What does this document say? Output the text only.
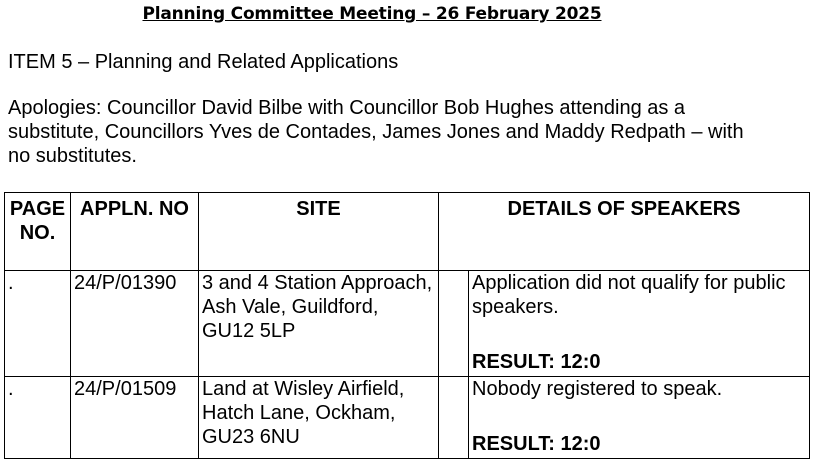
Planning Committee Meeting – 26 February 2025
ITEM 5 – Planning and Related Applications
Apologies: Councillor David Bilbe with Councillor Bob Hughes attending as a substitute, Councillors Yves de Contades, James Jones and Maddy Redpath – with no substitutes.
PAGE NO.	APPLN. NO	SITE	DETAILS OF SPEAKERS	
.	24/P/01390	3 and 4 Station Approach, Ash Vale, Guildford, GU12 5LP		Application did not qualify for public speakers.
RESULT: 12:0

.	24/P/01509	Land at Wisley Airfield, Hatch Lane, Ockham, GU23 6NU		Nobody registered to speak.
RESULT: 12:0
